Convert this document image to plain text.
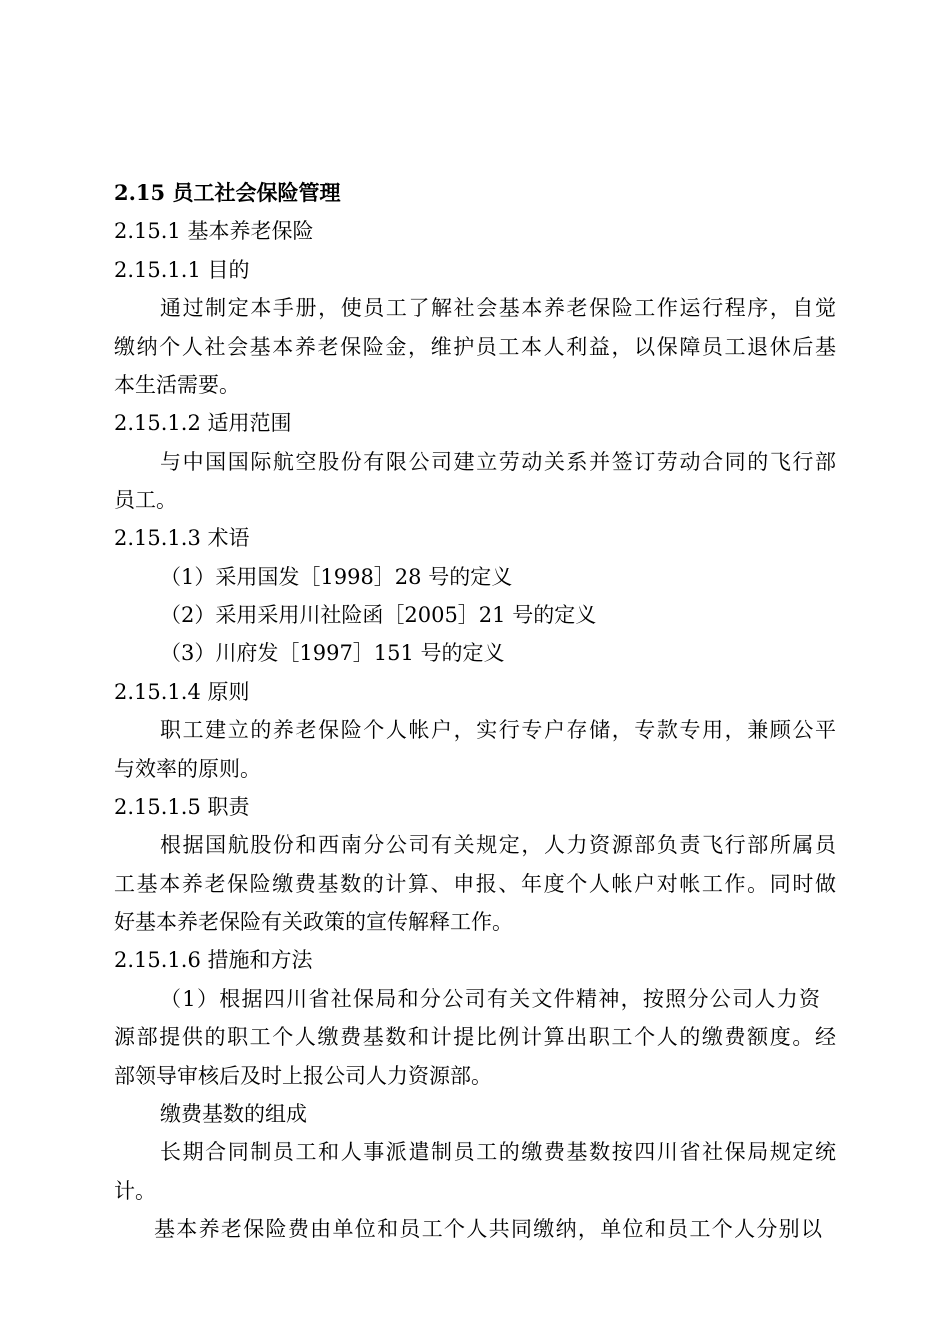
2.15 员工社会保险管理
2.15.1 基本养老保险
2.15.1.1 目的
通过制定本手册，使员工了解社会基本养老保险工作运行程序，自觉
缴纳个人社会基本养老保险金，维护员工本人利益，以保障员工退休后基
本生活需要。
2.15.1.2 适用范围
与中国国际航空股份有限公司建立劳动关系并签订劳动合同的飞行部
员工。
2.15.1.3 术语
（1）采用国发［1998］28 号的定义
（2）采用采用川社险函［2005］21 号的定义
（3）川府发［1997］151 号的定义
2.15.1.4 原则
职工建立的养老保险个人帐户，实行专户存储，专款专用，兼顾公平
与效率的原则。
2.15.1.5 职责
根据国航股份和西南分公司有关规定，人力资源部负责飞行部所属员
工基本养老保险缴费基数的计算、申报、年度个人帐户对帐工作。同时做
好基本养老保险有关政策的宣传解释工作。
2.15.1.6 措施和方法
（1）根据四川省社保局和分公司有关文件精神，按照分公司人力资
源部提供的职工个人缴费基数和计提比例计算出职工个人的缴费额度。经
部领导审核后及时上报公司人力资源部。
缴费基数的组成
长期合同制员工和人事派遣制员工的缴费基数按四川省社保局规定统
计。
基本养老保险费由单位和员工个人共同缴纳，单位和员工个人分别以
